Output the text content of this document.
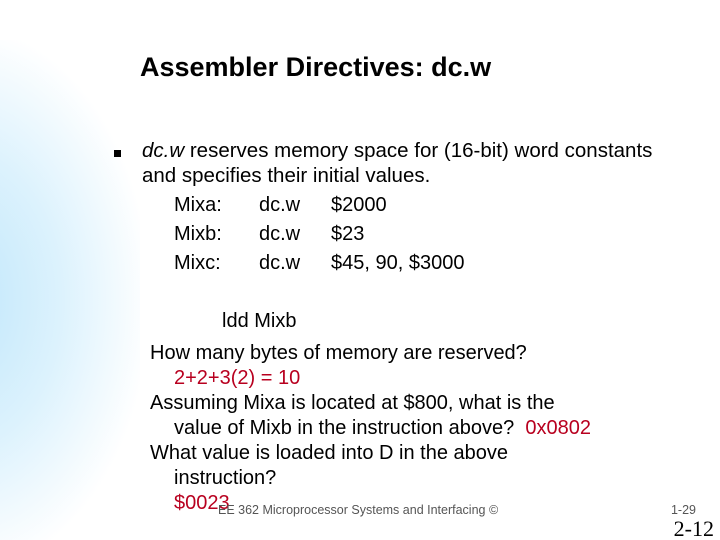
Assembler Directives: dc.w
dc.w reserves memory space for (16-bit) word constants and specifies their initial values.
Mixa: dc.w $2000
Mixb: dc.w $23
Mixc: dc.w $45, 90, $3000
ldd Mixb
How many bytes of memory are reserved?
2+2+3(2) = 10
Assuming Mixa is located at $800, what is the
value of Mixb in the instruction above? 0x0802
What value is loaded into D in the above
instruction?
$0023
EE 362 Microprocessor Systems and Interfacing ©	1-29
2-12
